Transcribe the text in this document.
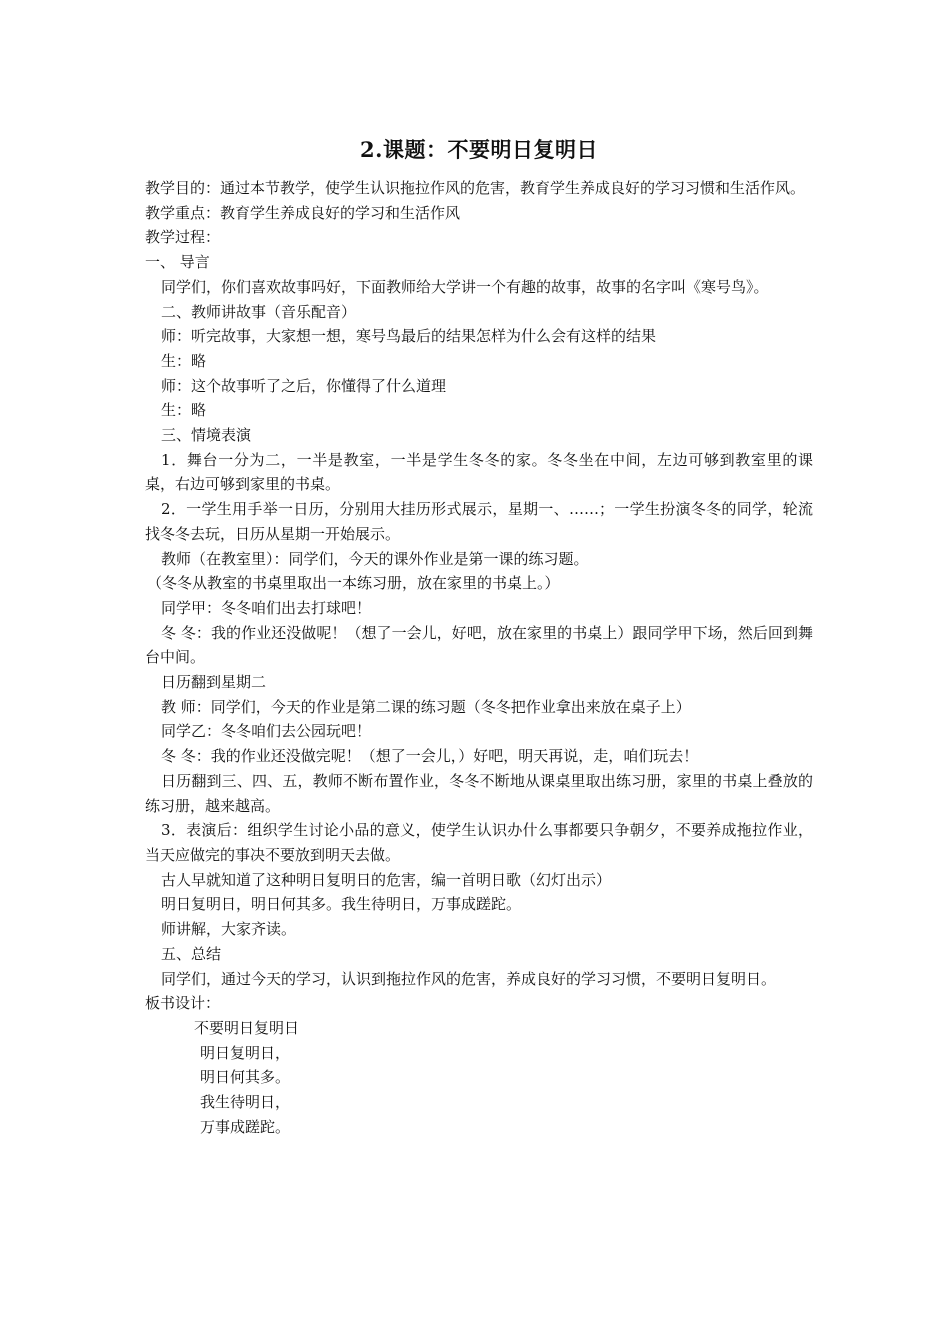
2.课题：不要明日复明日

教学目的：通过本节教学，使学生认识拖拉作风的危害，教育学生养成良好的学习习惯和生活作风。

教学重点：教育学生养成良好的学习和生活作风

教学过程：

一、 导言

同学们，你们喜欢故事吗好，下面教师给大学讲一个有趣的故事，故事的名字叫《寒号鸟》。

二、教师讲故事（音乐配音）

师：听完故事，大家想一想，寒号鸟最后的结果怎样为什么会有这样的结果

生：略

师：这个故事听了之后，你懂得了什么道理

生：略

三、情境表演

1．舞台一分为二，一半是教室，一半是学生冬冬的家。冬冬坐在中间，左边可够到教室里的课桌，右边可够到家里的书桌。

2．一学生用手举一日历，分别用大挂历形式展示，星期一、……；一学生扮演冬冬的同学，轮流找冬冬去玩，日历从星期一开始展示。

教师（在教室里）：同学们，今天的课外作业是第一课的练习题。

（冬冬从教室的书桌里取出一本练习册，放在家里的书桌上。）

同学甲：冬冬咱们出去打球吧！

冬 冬：我的作业还没做呢！（想了一会儿，好吧，放在家里的书桌上）跟同学甲下场，然后回到舞台中间。

日历翻到星期二

教 师：同学们，今天的作业是第二课的练习题（冬冬把作业拿出来放在桌子上）

同学乙：冬冬咱们去公园玩吧！

冬 冬：我的作业还没做完呢！（想了一会儿，）好吧，明天再说，走，咱们玩去！

日历翻到三、四、五，教师不断布置作业，冬冬不断地从课桌里取出练习册，家里的书桌上叠放的练习册，越来越高。

3．表演后：组织学生讨论小品的意义，使学生认识办什么事都要只争朝夕，不要养成拖拉作业，当天应做完的事决不要放到明天去做。

古人早就知道了这种明日复明日的危害，编一首明日歌（幻灯出示）

明日复明日，明日何其多。我生待明日，万事成蹉跎。

师讲解，大家齐读。

五、总结

同学们，通过今天的学习，认识到拖拉作风的危害，养成良好的学习习惯，不要明日复明日。

板书设计：

不要明日复明日

明日复明日，

明日何其多。

我生待明日，

万事成蹉跎。
